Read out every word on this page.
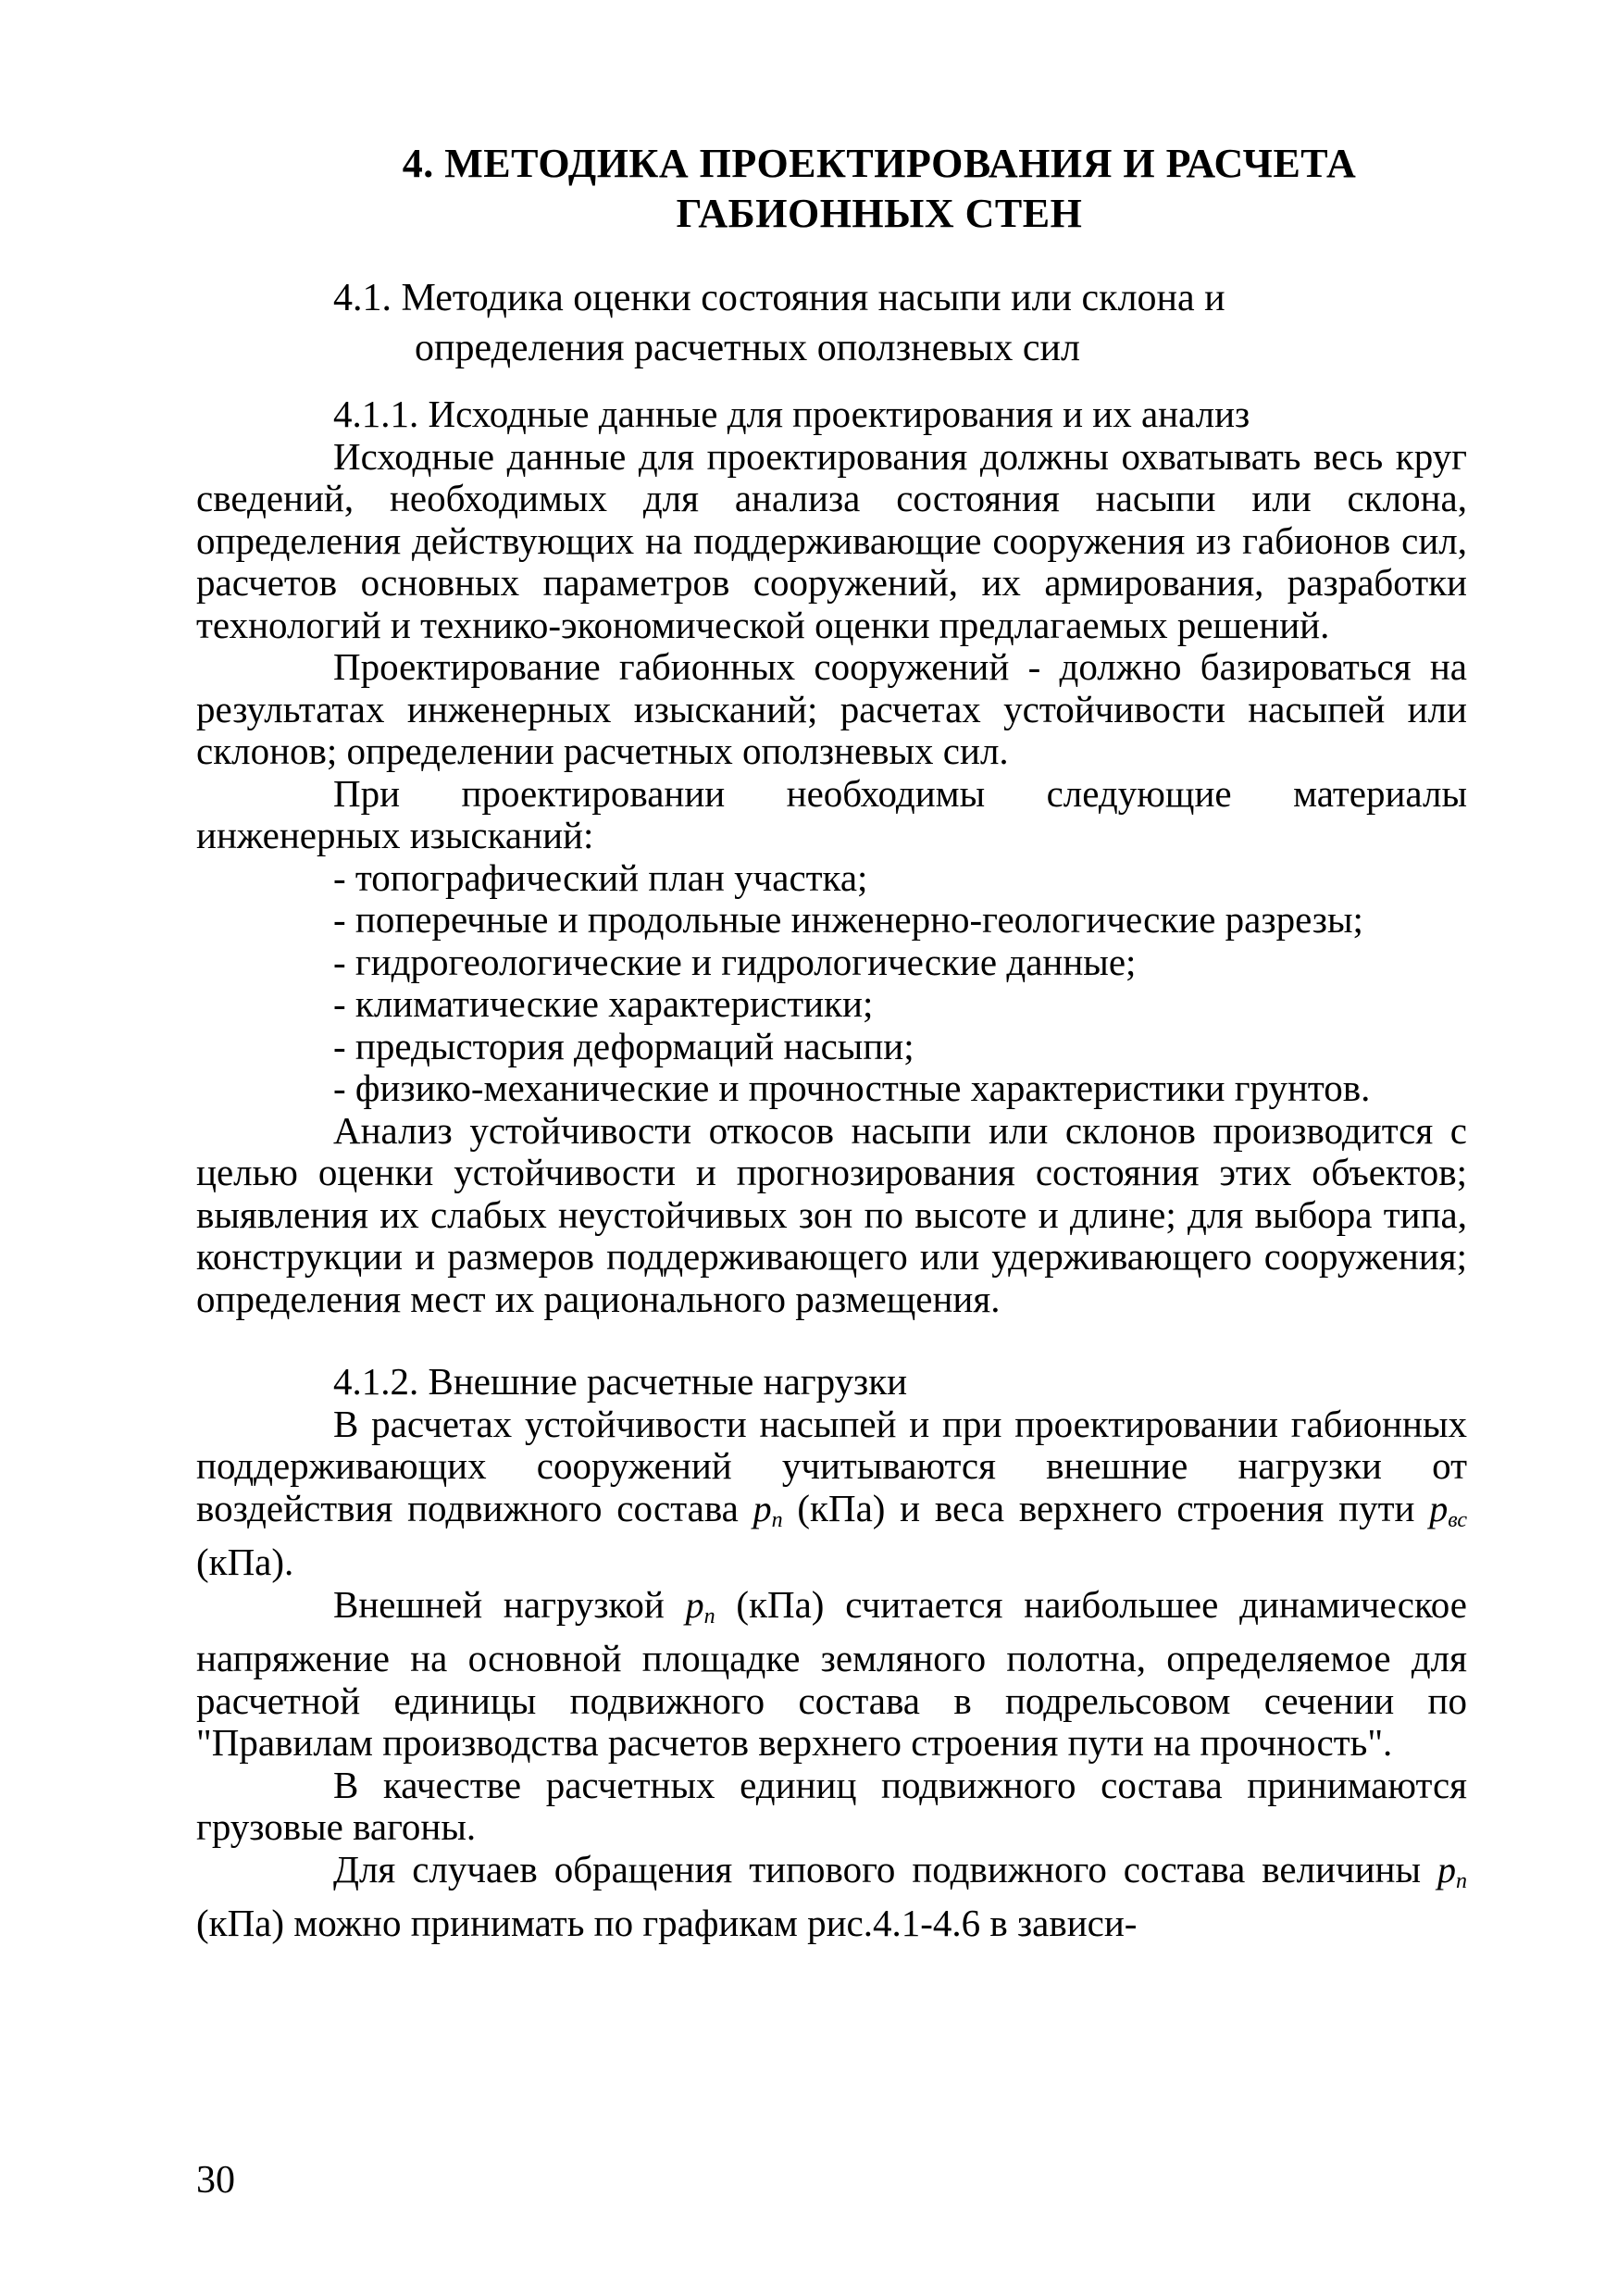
4. МЕТОДИКА ПРОЕКТИРОВАНИЯ И РАСЧЕТА
ГАБИОННЫХ СТЕН
4.1. Методика оценки состояния насыпи или склона и
определения расчетных оползневых сил
4.1.1. Исходные данные для проектирования и их анализ
Исходные данные для проектирования должны охватывать весь круг сведений, необходимых для анализа состояния насыпи или склона, определения действующих на поддерживающие сооружения из габионов сил, расчетов основных параметров сооружений, их армирования, разработки технологий и технико-экономической оценки предлагаемых решений.
Проектирование габионных сооружений - должно базироваться на результатах инженерных изысканий; расчетах устойчивости насыпей или склонов; определении расчетных оползневых сил.
При проектировании необходимы следующие материалы инженерных изысканий:
- топографический план участка;
- поперечные и продольные инженерно-геологические разрезы;
- гидрогеологические и гидрологические данные;
- климатические характеристики;
- предыстория деформаций насыпи;
- физико-механические и прочностные характеристики грунтов.
Анализ устойчивости откосов насыпи или склонов производится с целью оценки устойчивости и прогнозирования состояния этих объектов; выявления их слабых неустойчивых зон по высоте и длине; для выбора типа, конструкции и размеров поддерживающего или удерживающего сооружения; определения мест их рационального размещения.
4.1.2. Внешние расчетные нагрузки
В расчетах устойчивости насыпей и при проектировании габионных поддерживающих сооружений учитываются внешние нагрузки от воздействия подвижного состава pп (кПа) и веса верхнего строения пути pвс (кПа).
Внешней нагрузкой pп (кПа) считается наибольшее динамическое напряжение на основной площадке земляного полотна, определяемое для расчетной единицы подвижного состава в подрельсовом сечении по "Правилам производства расчетов верхнего строения пути на прочность".
В качестве расчетных единиц подвижного состава принимаются грузовые вагоны.
Для случаев обращения типового подвижного состава величины pп (кПа) можно принимать по графикам рис.4.1-4.6 в зависи-
30
